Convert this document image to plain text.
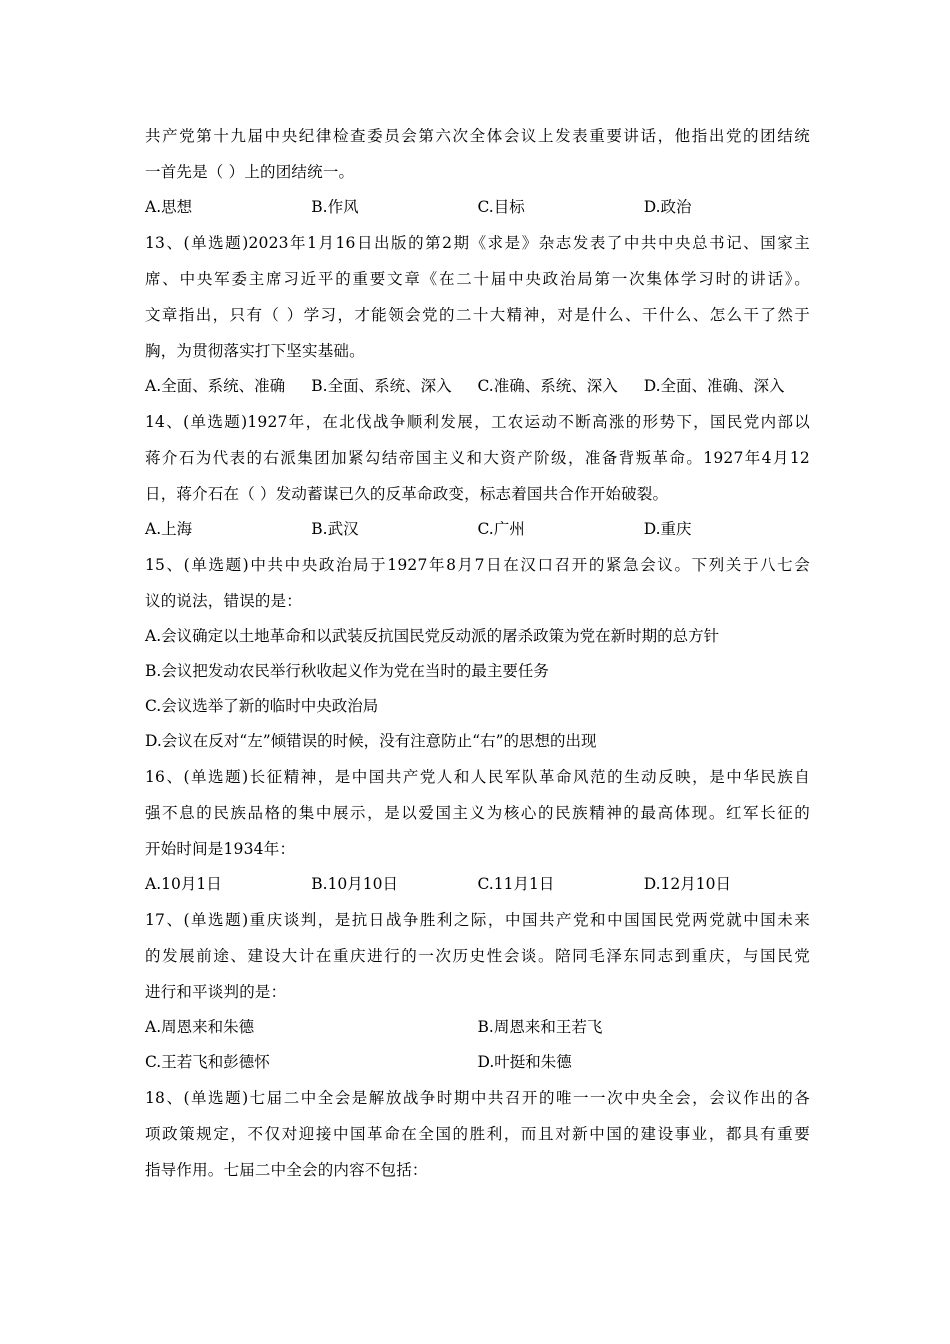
共产党第十九届中央纪律检查委员会第六次全体会议上发表重要讲话，他指出党的团结统
一首先是（ ）上的团结统一。
A.思想	B.作风	C.目标	D.政治
13、(单选题)2023年1月16日出版的第2期《求是》杂志发表了中共中央总书记、国家主
席、中央军委主席习近平的重要文章《在二十届中央政治局第一次集体学习时的讲话》。
文章指出，只有（ ）学习，才能领会党的二十大精神，对是什么、干什么、怎么干了然于
胸，为贯彻落实打下坚实基础。
A.全面、系统、准确	B.全面、系统、深入	C.准确、系统、深入	D.全面、准确、深入
14、(单选题)1927年，在北伐战争顺利发展，工农运动不断高涨的形势下，国民党内部以
蒋介石为代表的右派集团加紧勾结帝国主义和大资产阶级，准备背叛革命。1927年4月12
日，蒋介石在（ ）发动蓄谋已久的反革命政变，标志着国共合作开始破裂。
A.上海	B.武汉	C.广州	D.重庆
15、(单选题)中共中央政治局于1927年8月7日在汉口召开的紧急会议。下列关于八七会
议的说法，错误的是：
A.会议确定以土地革命和以武装反抗国民党反动派的屠杀政策为党在新时期的总方针
B.会议把发动农民举行秋收起义作为党在当时的最主要任务
C.会议选举了新的临时中央政治局
D.会议在反对“左”倾错误的时候，没有注意防止“右”的思想的出现
16、(单选题)长征精神，是中国共产党人和人民军队革命风范的生动反映，是中华民族自
强不息的民族品格的集中展示，是以爱国主义为核心的民族精神的最高体现。红军长征的
开始时间是1934年：
A.10月1日	B.10月10日	C.11月1日	D.12月10日
17、(单选题)重庆谈判，是抗日战争胜利之际，中国共产党和中国国民党两党就中国未来
的发展前途、建设大计在重庆进行的一次历史性会谈。陪同毛泽东同志到重庆，与国民党
进行和平谈判的是：
A.周恩来和朱德	B.周恩来和王若飞
C.王若飞和彭德怀	D.叶挺和朱德
18、(单选题)七届二中全会是解放战争时期中共召开的唯一一次中央全会，会议作出的各
项政策规定，不仅对迎接中国革命在全国的胜利，而且对新中国的建设事业，都具有重要
指导作用。七届二中全会的内容不包括：
